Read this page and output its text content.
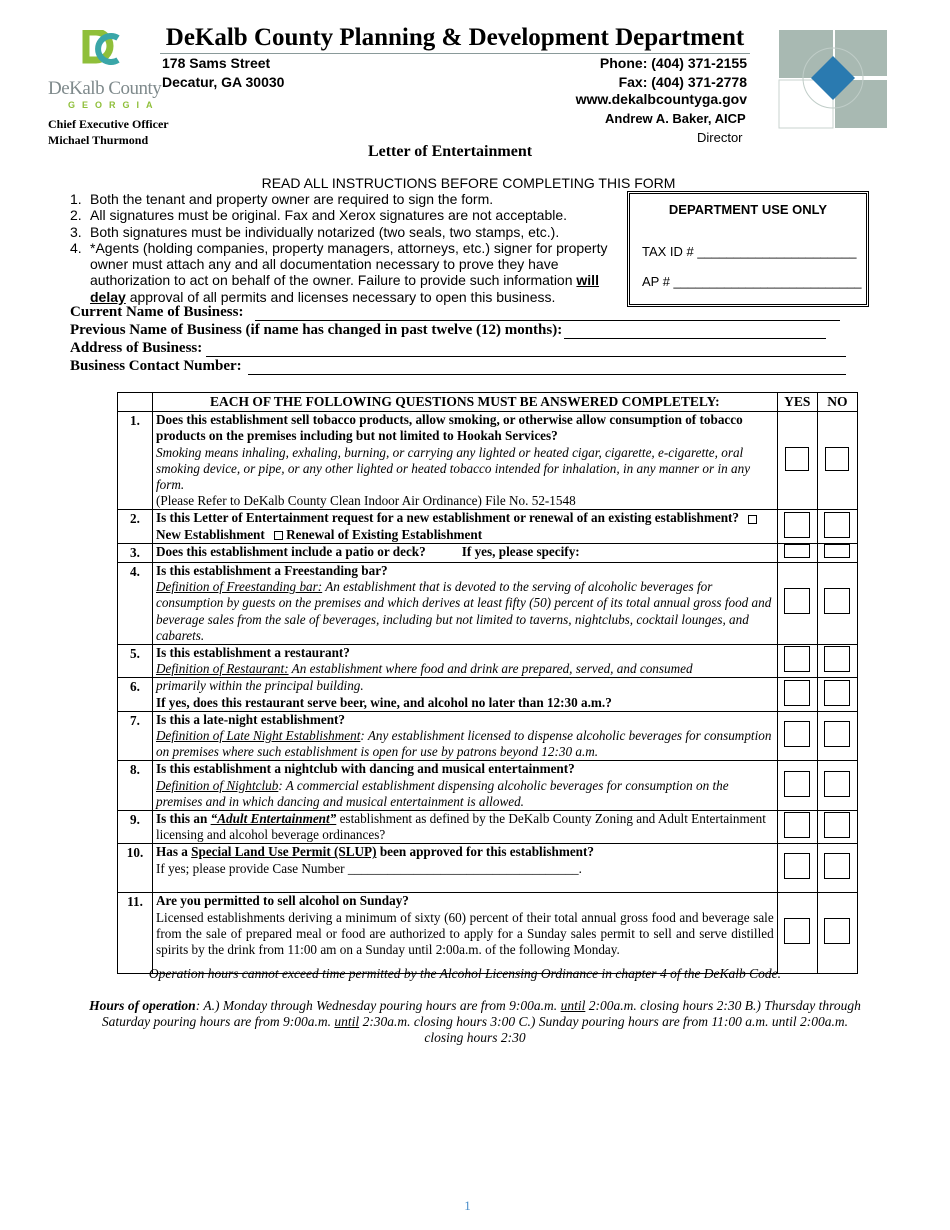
DeKalb County
GEORGIA
Chief Executive Officer
Michael Thurmond
DeKalb County Planning & Development Department
178 Sams Street
Decatur, GA 30030
Phone: (404) 371-2155
Fax: (404) 371-2778
www.dekalbcountyga.gov
Andrew A. Baker, AICP
Director
Letter of Entertainment
READ ALL INSTRUCTIONS BEFORE COMPLETING THIS FORM
1. Both the tenant and property owner are required to sign the form.
2. All signatures must be original. Fax and Xerox signatures are not acceptable.
3. Both signatures must be individually notarized (two seals, two stamps, etc.).
4. *Agents (holding companies, property managers, attorneys, etc.) signer for property owner must attach any and all documentation necessary to prove they have authorization to act on behalf of the owner. Failure to provide such information will delay approval of all permits and licenses necessary to open this business.
DEPARTMENT USE ONLY
TAX ID # ______________________
AP # __________________________
Current Name of Business:
Previous Name of Business (if name has changed in past twelve (12) months):
Address of Business:
Business Contact Number:
	EACH OF THE FOLLOWING QUESTIONS MUST BE ANSWERED COMPLETELY:	YES	NO
1.	Does this establishment sell tobacco products, allow smoking, or otherwise allow consumption of tobacco products on the premises including but not limited to Hookah Services?
Smoking means inhaling, exhaling, burning, or carrying any lighted or heated cigar, cigarette, e-cigarette, oral smoking device, or pipe, or any other lighted or heated tobacco intended for inhalation, in any manner or in any form.
(Please Refer to DeKalb County Clean Indoor Air Ordinance) File No. 52-1548		
2.	Is this Letter of Entertainment request for a new establishment or renewal of an existing establishment? New Establishment Renewal of Existing Establishment		
3.	Does this establishment include a patio or deck? If yes, please specify:		
4.	Is this establishment a Freestanding bar?
Definition of Freestanding bar: An establishment that is devoted to the serving of alcoholic beverages for consumption by guests on the premises and which derives at least fifty (50) percent of its total annual gross food and beverage sales from the sale of beverages, including but not limited to taverns, nightclubs, cocktail lounges, and cabarets.		
5.	Is this establishment a restaurant?
Definition of Restaurant: An establishment where food and drink are prepared, served, and consumed		
6.	primarily within the principal building.
If yes, does this restaurant serve beer, wine, and alcohol no later than 12:30 a.m.?		
7.	Is this a late-night establishment?
Definition of Late Night Establishment: Any establishment licensed to dispense alcoholic beverages for consumption on premises where such establishment is open for use by patrons beyond 12:30 a.m.		
8.	Is this establishment a nightclub with dancing and musical entertainment?
Definition of Nightclub: A commercial establishment dispensing alcoholic beverages for consumption on the premises and in which dancing and musical entertainment is allowed.		
9.	Is this an “Adult Entertainment” establishment as defined by the DeKalb County Zoning and Adult Entertainment licensing and alcohol beverage ordinances?		
10.	Has a Special Land Use Permit (SLUP) been approved for this establishment?
If yes; please provide Case Number ___________________________________.		
11.	Are you permitted to sell alcohol on Sunday?
Licensed establishments deriving a minimum of sixty (60) percent of their total annual gross food and beverage sale from the sale of prepared meal or food are authorized to apply for a Sunday sales permit to sell and serve distilled spirits by the drink from 11:00 am on a Sunday until 2:00a.m. of the following Monday.		
Operation hours cannot exceed time permitted by the Alcohol Licensing Ordinance in chapter 4 of the DeKalb Code.
Hours of operation: A.) Monday through Wednesday pouring hours are from 9:00a.m. until 2:00a.m. closing hours 2:30 B.) Thursday through Saturday pouring hours are from 9:00a.m. until 2:30a.m. closing hours 3:00 C.) Sunday pouring hours are from 11:00 a.m. until 2:00a.m. closing hours 2:30
1
